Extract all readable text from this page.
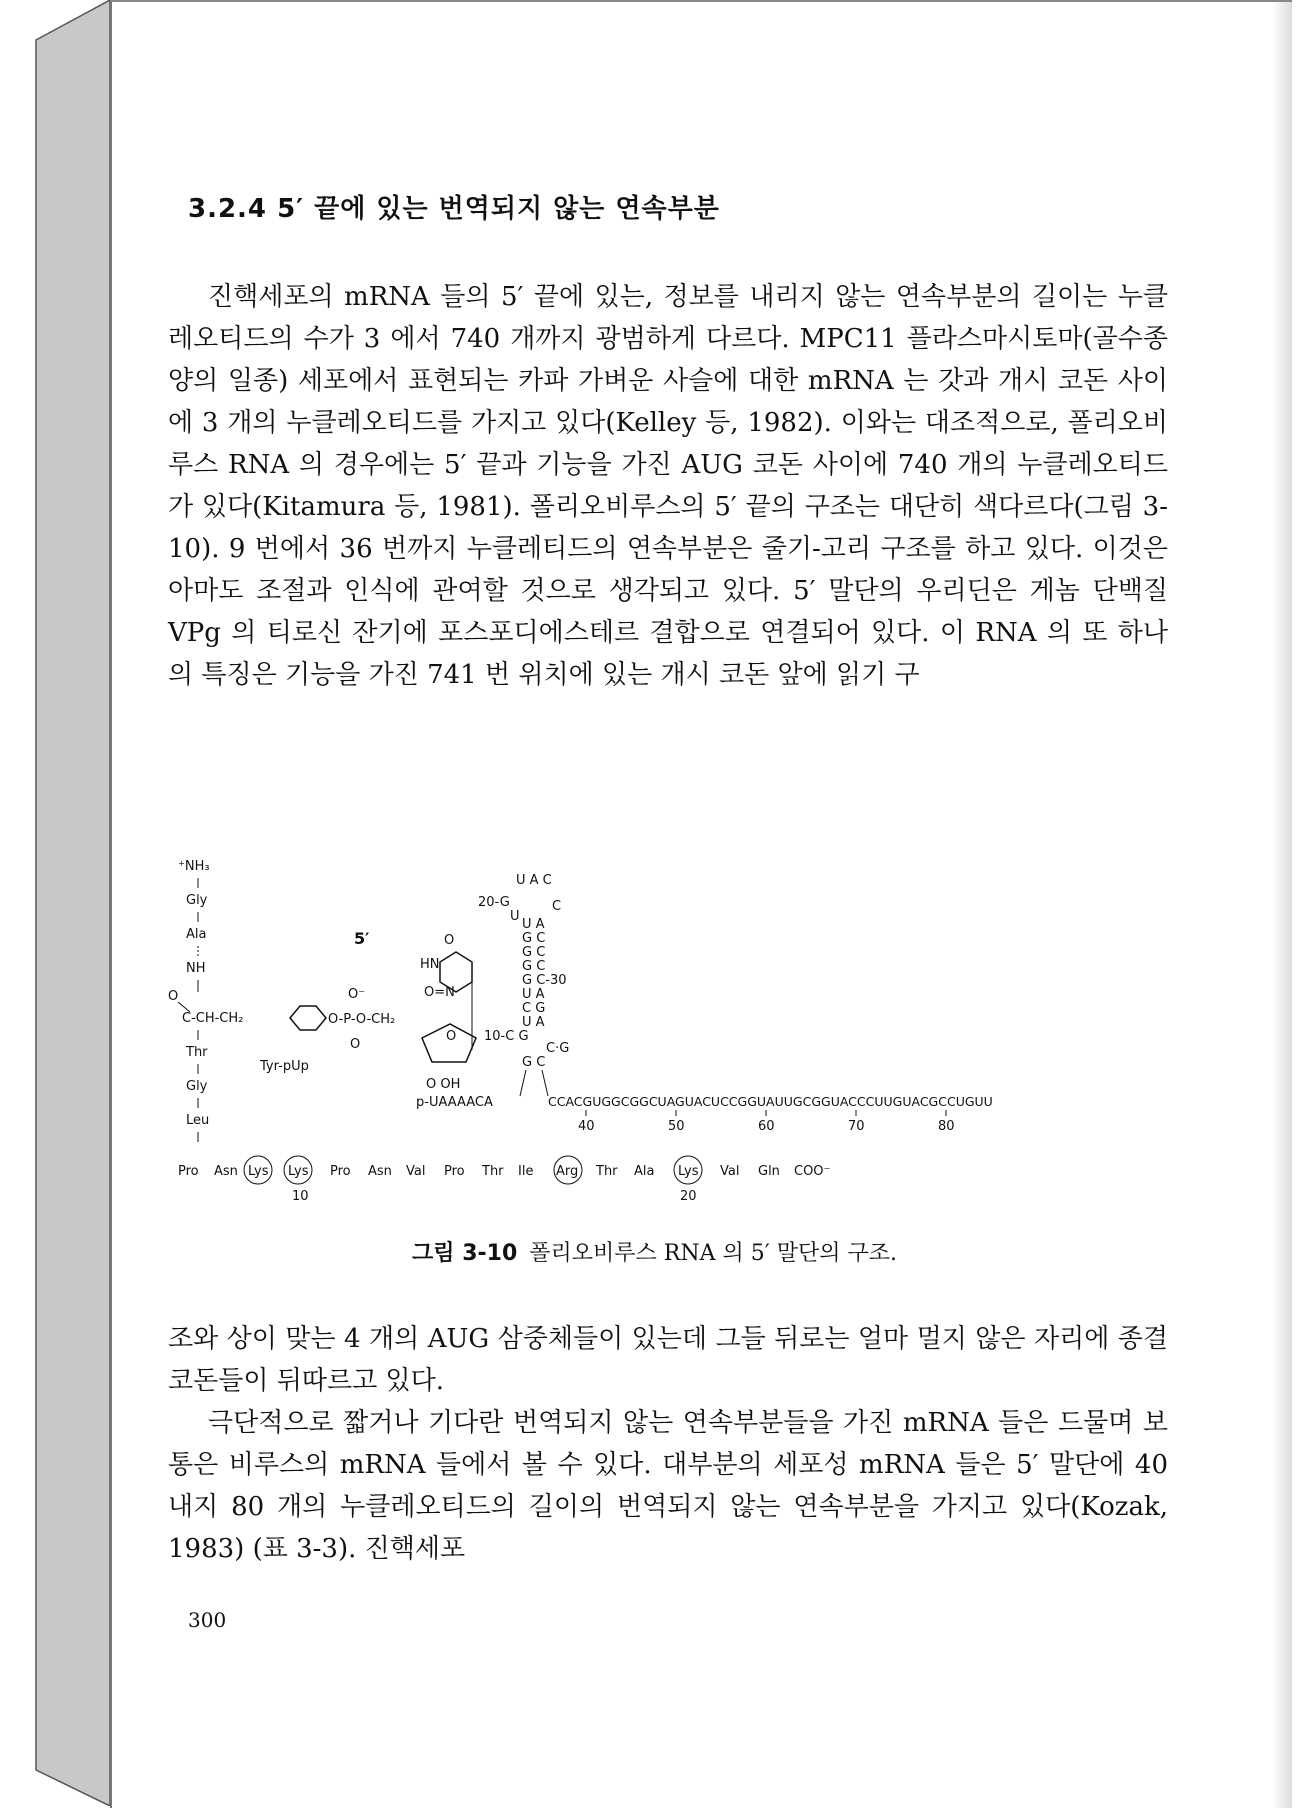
3.2.4 5′ 끝에 있는 번역되지 않는 연속부분

진핵세포의 mRNA 들의 5′ 끝에 있는, 정보를 내리지 않는 연속부분의 길이는 누클레오티드의 수가 3 에서 740 개까지 광범하게 다르다. MPC11 플라스마시토마(골수종양의 일종) 세포에서 표현되는 카파 가벼운 사슬에 대한 mRNA 는 갓과 개시 코돈 사이에 3 개의 누클레오티드를 가지고 있다(Kelley 등, 1982). 이와는 대조적으로, 폴리오비루스 RNA 의 경우에는 5′ 끝과 기능을 가진 AUG 코돈 사이에 740 개의 누클레오티드가 있다(Kitamura 등, 1981). 폴리오비루스의 5′ 끝의 구조는 대단히 색다르다(그림 3-10). 9 번에서 36 번까지 누클레티드의 연속부분은 줄기-고리 구조를 하고 있다. 이것은 아마도 조절과 인식에 관여할 것으로 생각되고 있다. 5′ 말단의 우리딘은 게놈 단백질 VPg 의 티로신 잔기에 포스포디에스테르 결합으로 연결되어 있다. 이 RNA 의 또 하나의 특징은 기능을 가진 741 번 위치에 있는 개시 코돈 앞에 읽기 구

⁺NH₃
Gly
Ala
NH
O
C-CH-CH₂
Thr
Gly
Leu
O-P-O-CH₂
O⁻
O
5′
Tyr-pUp
O
HN
O=N
O
O OH
p-UAAAACA
U A C
20-G
U
C
U A
G C
G C
G C
G C-30
U A
C G
U A
10-C G
C·G
G C
CCACGUGGCGGCUAGUACUCCGGUAUUGCGGUACCCUUGUACGCCUGUU
40	50	60	70	80
Pro Asn Lys Lys Pro Asn Val Pro Thr Ile Arg Thr Ala Lys Val Gln COO⁻
10	20
그림 3-10 폴리오비루스 RNA 의 5′ 말단의 구조.

조와 상이 맞는 4 개의 AUG 삼중체들이 있는데 그들 뒤로는 얼마 멀지 않은 자리에 종결 코돈들이 뒤따르고 있다.

극단적으로 짧거나 기다란 번역되지 않는 연속부분들을 가진 mRNA 들은 드물며 보통은 비루스의 mRNA 들에서 볼 수 있다. 대부분의 세포성 mRNA 들은 5′ 말단에 40 내지 80 개의 누클레오티드의 길이의 번역되지 않는 연속부분을 가지고 있다(Kozak, 1983) (표 3-3). 진핵세포

300
